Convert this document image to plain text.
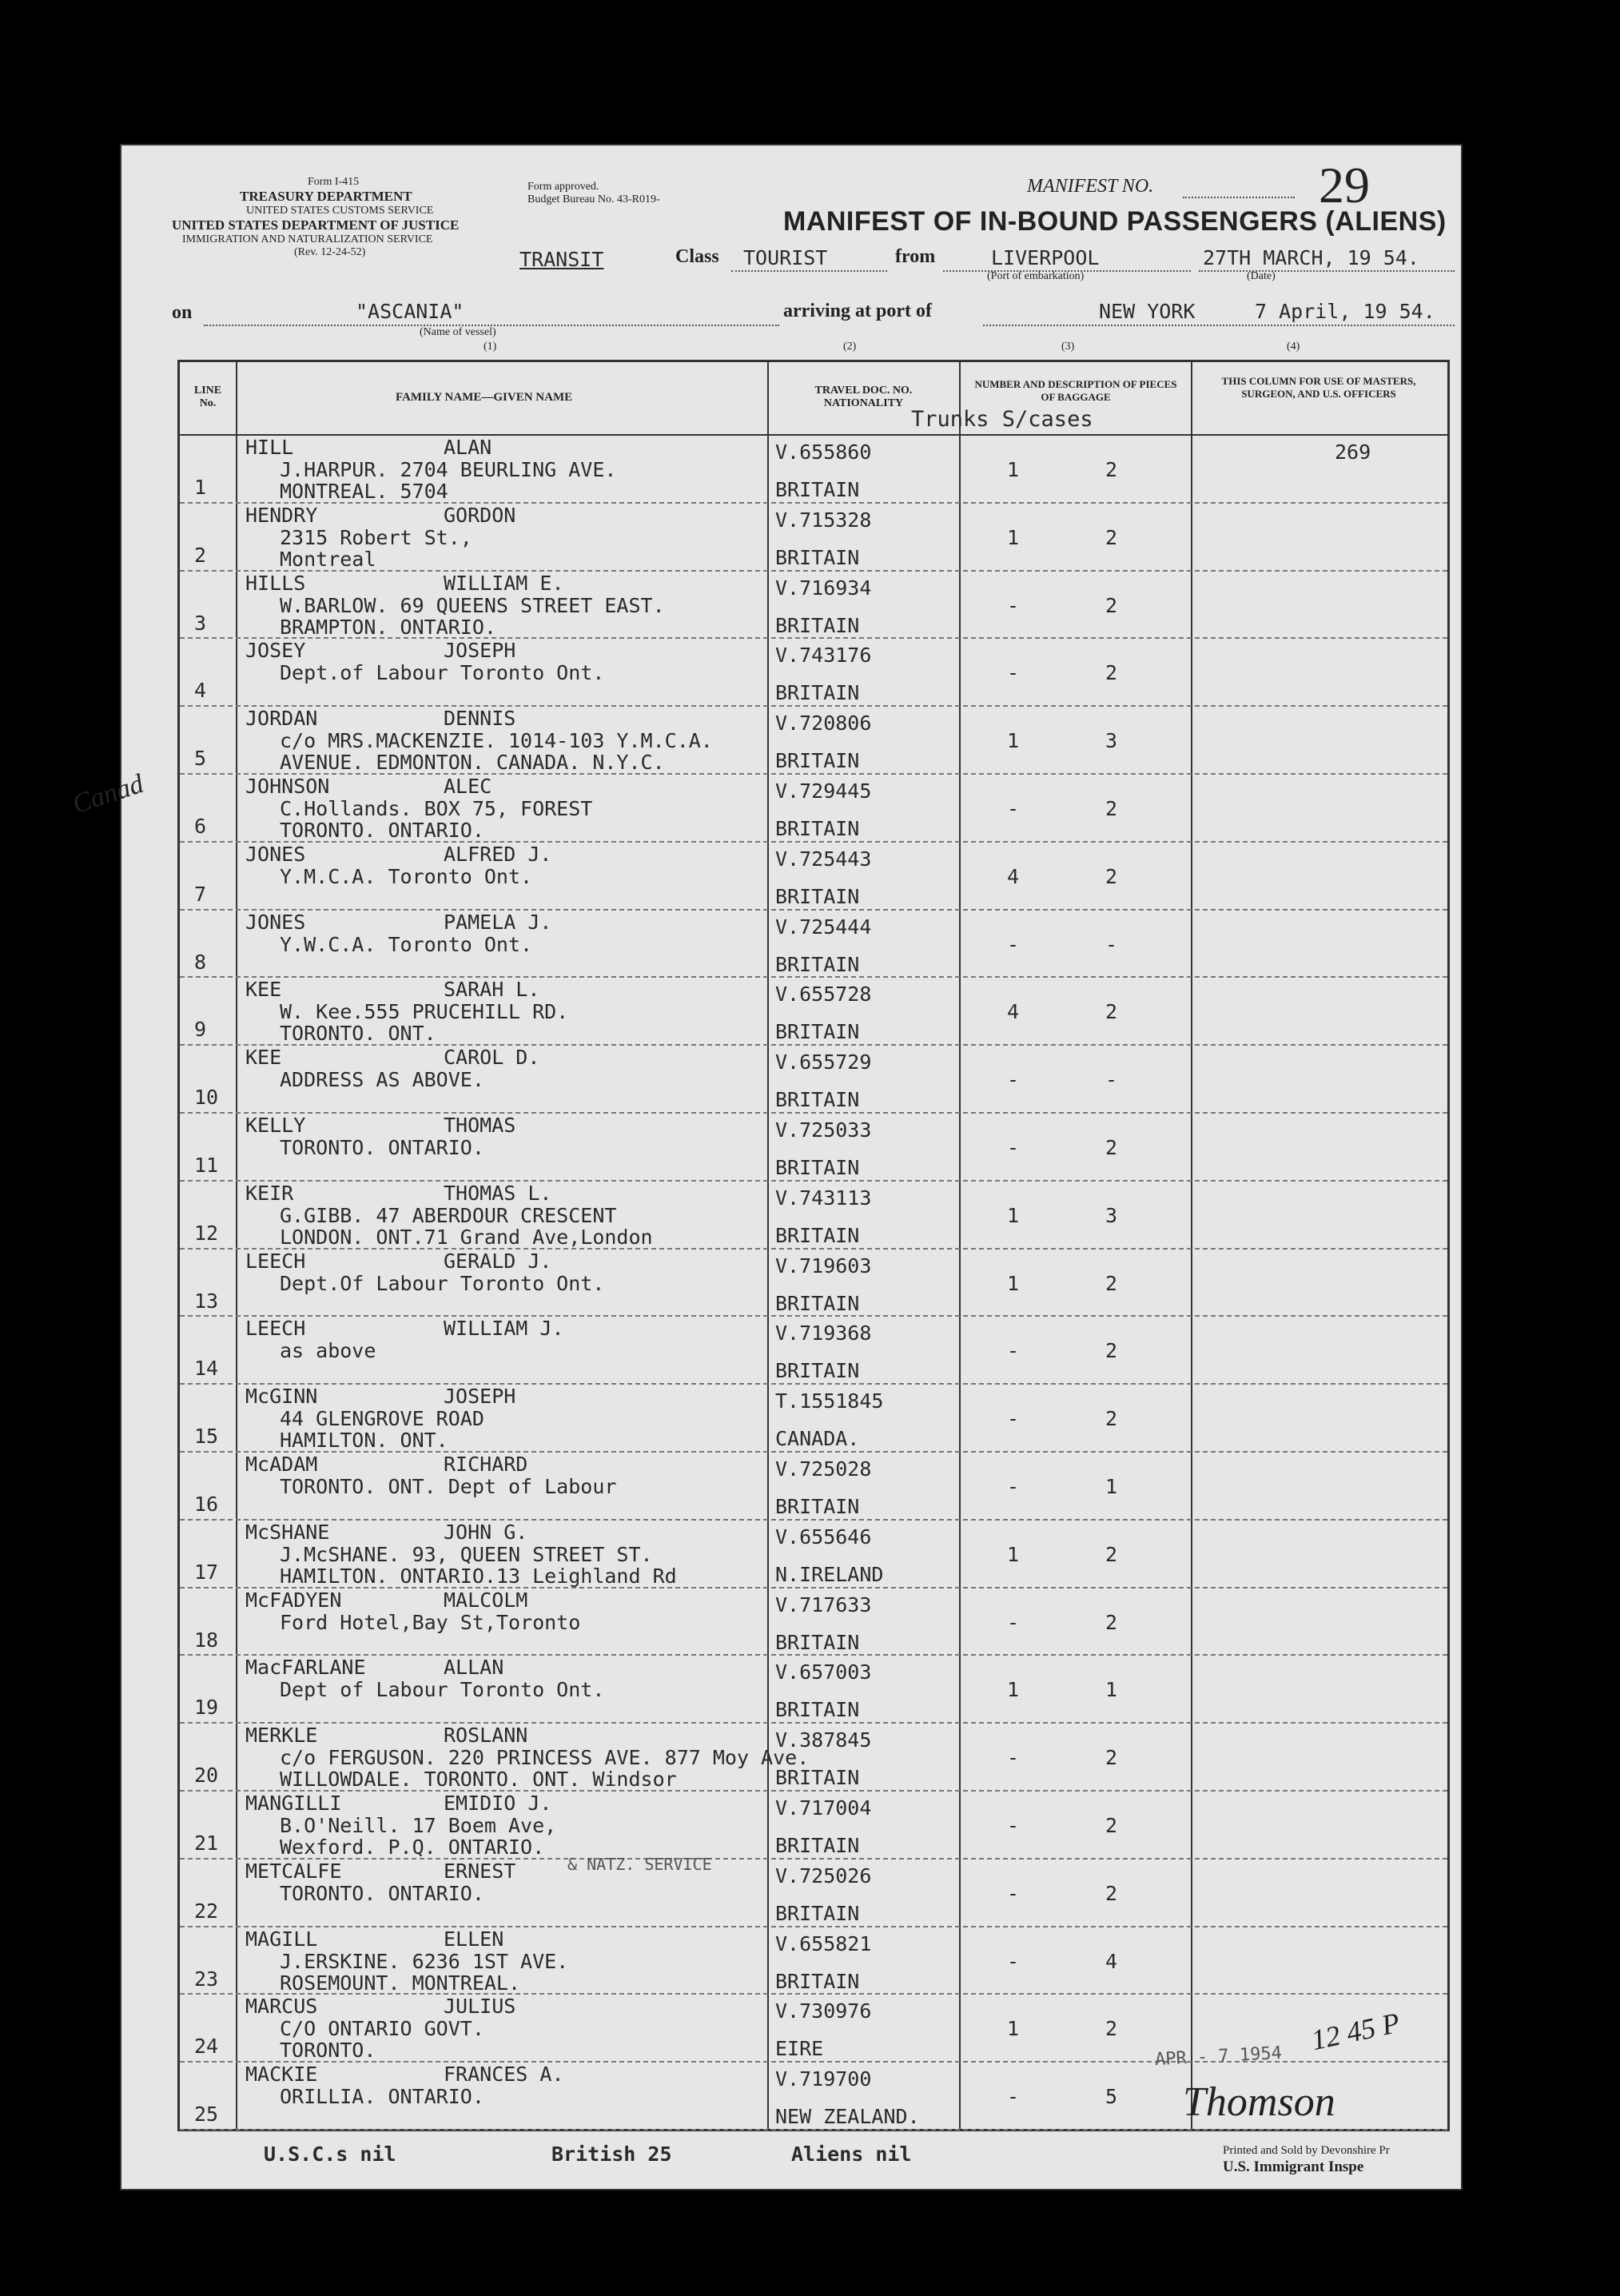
Form I-415
TREASURY DEPARTMENT
UNITED STATES CUSTOMS SERVICE
UNITED STATES DEPARTMENT OF JUSTICE
IMMIGRATION AND NATURALIZATION SERVICE
(Rev. 12-24-52)
Form approved.
Budget Bureau No. 43-R019-
MANIFEST NO.	29
MANIFEST OF IN-BOUND PASSENGERS (ALIENS)
TRANSIT	Class TOURIST	from	LIVERPOOL
(Port of embarkation)
27TH MARCH, 19 54.
(Date)
on	"ASCANIA"
(Name of vessel)
(1)
arriving at port of	NEW YORK	7 April, 19 54.
(2)	(3)	(4)
LINE No.	FAMILY NAME—GIVEN NAME
TRAVEL DOC. NO. NATIONALITY
NUMBER AND DESCRIPTION OF PIECES OF BAGGAGE
Trunks S/cases
THIS COLUMN FOR USE OF MASTERS, SURGEON, AND U.S. OFFICERS
1
HILL	ALAN
J.HARPUR. 2704 BEURLING AVE.
MONTREAL. 5704
V.655860
BRITAIN
1	2
269
2
HENDRY	GORDON
2315 Robert St.,
Montreal
V.715328
BRITAIN
1	2
3
HILLS	WILLIAM E.
W.BARLOW. 69 QUEENS STREET EAST.
BRAMPTON. ONTARIO.
V.716934
BRITAIN
-	2
4
JOSEY	JOSEPH
Dept.of Labour Toronto Ont.
V.743176
BRITAIN
-	2
5
JORDAN	DENNIS
c/o MRS.MACKENZIE. 1014-103 Y.M.C.A.
AVENUE. EDMONTON. CANADA. N.Y.C.
V.720806
BRITAIN
1	3
6
JOHNSON	ALEC
C.Hollands. BOX 75, FOREST
TORONTO. ONTARIO.
V.729445
BRITAIN
-	2
7
JONES	ALFRED J.
Y.M.C.A. Toronto Ont.
V.725443
BRITAIN
4	2
8
JONES	PAMELA J.
Y.W.C.A. Toronto Ont.
V.725444
BRITAIN
-	-
9
KEE	SARAH L.
W. Kee.555 PRUCEHILL RD.
TORONTO. ONT.
V.655728
BRITAIN
4	2
10
KEE	CAROL D.
ADDRESS AS ABOVE.
V.655729
BRITAIN
-	-
11
KELLY	THOMAS
TORONTO. ONTARIO.
V.725033
BRITAIN
-	2
12
KEIR	THOMAS L.
G.GIBB. 47 ABERDOUR CRESCENT
LONDON. ONT.71 Grand Ave,London
V.743113
BRITAIN
1	3
13
LEECH	GERALD J.
Dept.Of Labour Toronto Ont.
V.719603
BRITAIN
1	2
14
LEECH	WILLIAM J.
as above
V.719368
BRITAIN
-	2
15
McGINN	JOSEPH
44 GLENGROVE ROAD
HAMILTON. ONT.
T.1551845
CANADA.
-	2
16
McADAM	RICHARD
TORONTO. ONT. Dept of Labour
V.725028
BRITAIN
-	1
17
McSHANE	JOHN G.
J.McSHANE. 93, QUEEN STREET ST.
HAMILTON. ONTARIO.13 Leighland Rd
V.655646
N.IRELAND
1	2
18
McFADYEN	MALCOLM
Ford Hotel,Bay St,Toronto
V.717633
BRITAIN
-	2
19
MacFARLANE	ALLAN
Dept of Labour Toronto Ont.
V.657003
BRITAIN
1	1
20
MERKLE	ROSLANN
c/o FERGUSON. 220 PRINCESS AVE. 877 Moy Ave.
WILLOWDALE. TORONTO. ONT. Windsor
V.387845
BRITAIN
-	2
21
MANGILLI	EMIDIO J.
B.O'Neill. 17 Boem Ave,
Wexford. P.Q. ONTARIO.
V.717004
BRITAIN
-	2
22
METCALFE	ERNEST
TORONTO. ONTARIO.
V.725026
BRITAIN
-	2
23
MAGILL	ELLEN
J.ERSKINE. 6236 1ST AVE.
ROSEMOUNT. MONTREAL.
V.655821
BRITAIN
-	4
24
MARCUS	JULIUS
C/O ONTARIO GOVT.
TORONTO.
V.730976
EIRE
1	2
25
MACKIE	FRANCES A.
ORILLIA. ONTARIO.
V.719700
NEW ZEALAND.
-	5
Canad
& NATZ. SERVICE
APR - 7 1954
12 45 P
Thomson
U.S.C.s nil	British 25	Aliens nil	Printed and Sold by Devonshire Pr
U.S. Immigrant Inspe
